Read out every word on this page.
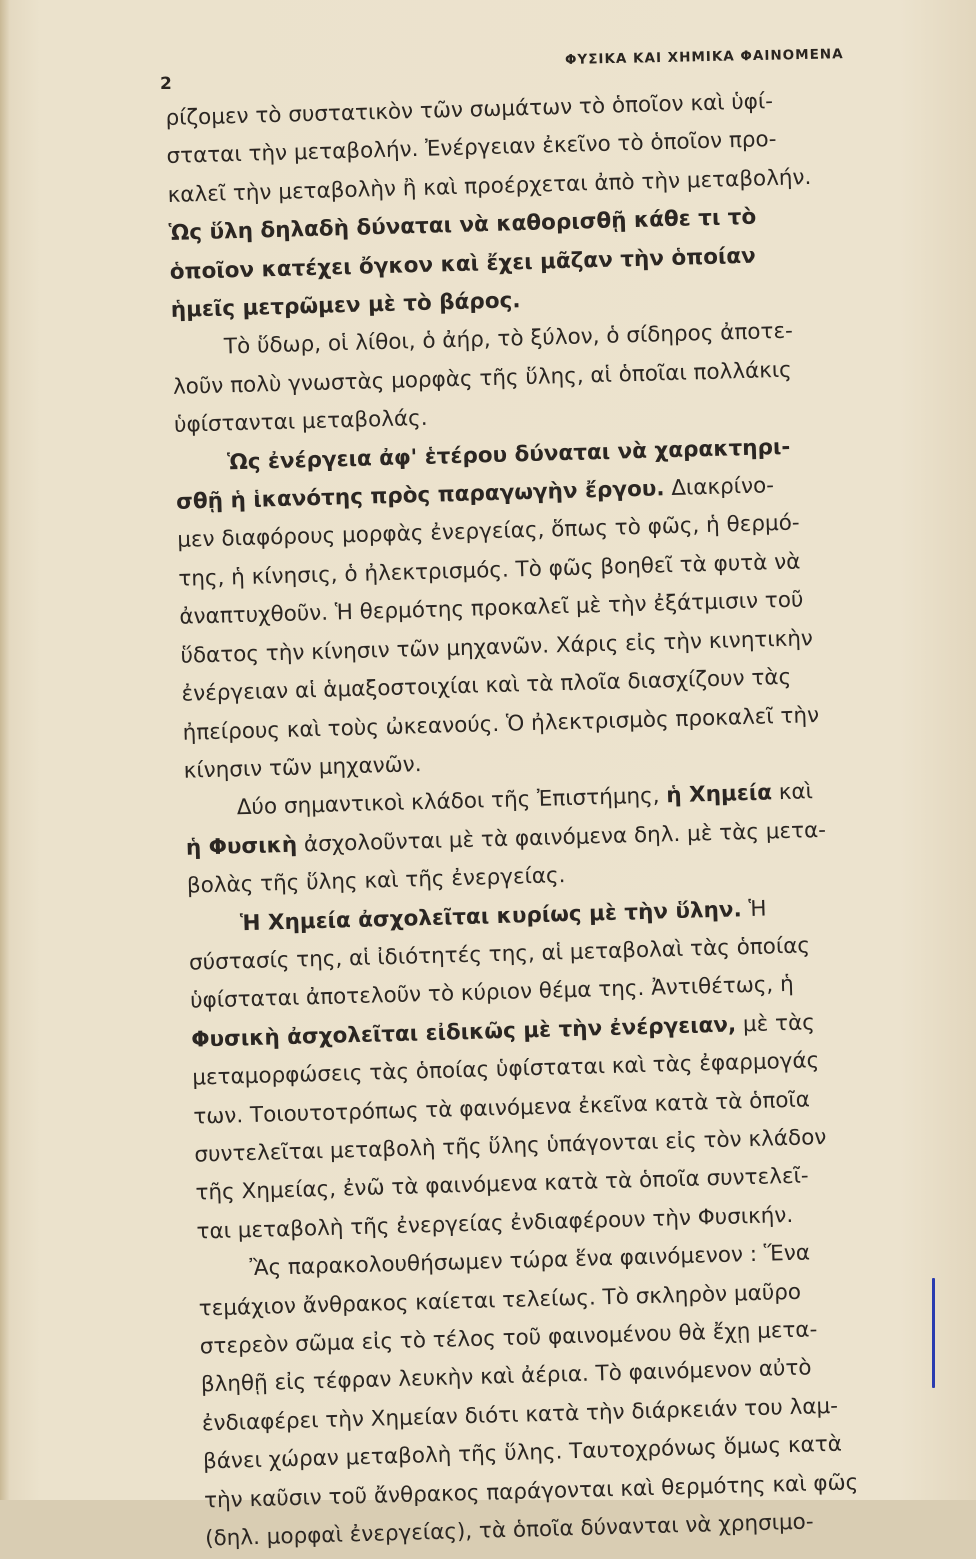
2
ΦΥΣΙΚΑ ΚΑΙ ΧΗΜΙΚΑ ΦΑΙΝΟΜΕΝΑ
ρίζομεν τὸ συστατικὸν τῶν σωμάτων τὸ ὁποῖον καὶ ὑφί-
σταται τὴν μεταβολήν. Ἐνέργειαν ἐκεῖνο τὸ ὁποῖον προ-
καλεῖ τὴν μεταβολὴν ἢ καὶ προέρχεται ἀπὸ τὴν μεταβολήν.
Ὡς ὕλη δηλαδὴ δύναται νὰ καθορισθῇ κάθε τι τὸ
ὁποῖον κατέχει ὄγκον καὶ ἔχει μᾶζαν τὴν ὁποίαν
ἡμεῖς μετρῶμεν μὲ τὸ βάρος.
Τὸ ὕδωρ, οἱ λίθοι, ὁ ἀήρ, τὸ ξύλον, ὁ σίδηρος ἀποτε-
λοῦν πολὺ γνωστὰς μορφὰς τῆς ὕλης, αἱ ὁποῖαι πολλάκις
ὑφίστανται μεταβολάς.
Ὡς ἐνέργεια ἀφ' ἑτέρου δύναται νὰ χαρακτηρι-
σθῇ ἡ ἱκανότης πρὸς παραγωγὴν ἔργου. Διακρίνο-
μεν διαφόρους μορφὰς ἐνεργείας, ὅπως τὸ φῶς, ἡ θερμό-
της, ἡ κίνησις, ὁ ἠλεκτρισμός. Τὸ φῶς βοηθεῖ τὰ φυτὰ νὰ
ἀναπτυχθοῦν. Ἡ θερμότης προκαλεῖ μὲ τὴν ἐξάτμισιν τοῦ
ὕδατος τὴν κίνησιν τῶν μηχανῶν. Χάρις εἰς τὴν κινητικὴν
ἐνέργειαν αἱ ἁμαξοστοιχίαι καὶ τὰ πλοῖα διασχίζουν τὰς
ἠπείρους καὶ τοὺς ὠκεανούς. Ὁ ἠλεκτρισμὸς προκαλεῖ τὴν
κίνησιν τῶν μηχανῶν.
Δύο σημαντικοὶ κλάδοι τῆς Ἐπιστήμης, ἡ Χημεία καὶ
ἡ Φυσικὴ ἀσχολοῦνται μὲ τὰ φαινόμενα δηλ. μὲ τὰς μετα-
βολὰς τῆς ὕλης καὶ τῆς ἐνεργείας.
Ἡ Χημεία ἀσχολεῖται κυρίως μὲ τὴν ὕλην. Ἡ
σύστασίς της, αἱ ἰδιότητές της, αἱ μεταβολαὶ τὰς ὁποίας
ὑφίσταται ἀποτελοῦν τὸ κύριον θέμα της. Ἀντιθέτως, ἡ
Φυσικὴ ἀσχολεῖται εἰδικῶς μὲ τὴν ἐνέργειαν, μὲ τὰς
μεταμορφώσεις τὰς ὁποίας ὑφίσταται καὶ τὰς ἐφαρμογάς
των. Τοιουτοτρόπως τὰ φαινόμενα ἐκεῖνα κατὰ τὰ ὁποῖα
συντελεῖται μεταβολὴ τῆς ὕλης ὑπάγονται εἰς τὸν κλάδον
τῆς Χημείας, ἐνῶ τὰ φαινόμενα κατὰ τὰ ὁποῖα συντελεῖ-
ται μεταβολὴ τῆς ἐνεργείας ἐνδιαφέρουν τὴν Φυσικήν.
Ἂς παρακολουθήσωμεν τώρα ἕνα φαινόμενον : Ἕνα
τεμάχιον ἄνθρακος καίεται τελείως. Τὸ σκληρὸν μαῦρο
στερεὸν σῶμα εἰς τὸ τέλος τοῦ φαινομένου θὰ ἔχῃ μετα-
βληθῇ εἰς τέφραν λευκὴν καὶ ἀέρια. Τὸ φαινόμενον αὐτὸ
ἐνδιαφέρει τὴν Χημείαν διότι κατὰ τὴν διάρκειάν του λαμ-
βάνει χώραν μεταβολὴ τῆς ὕλης. Ταυτοχρόνως ὅμως κατὰ
τὴν καῦσιν τοῦ ἄνθρακος παράγονται καὶ θερμότης καὶ φῶς
(δηλ. μορφαὶ ἐνεργείας), τὰ ὁποῖα δύνανται νὰ χρησιμο-
